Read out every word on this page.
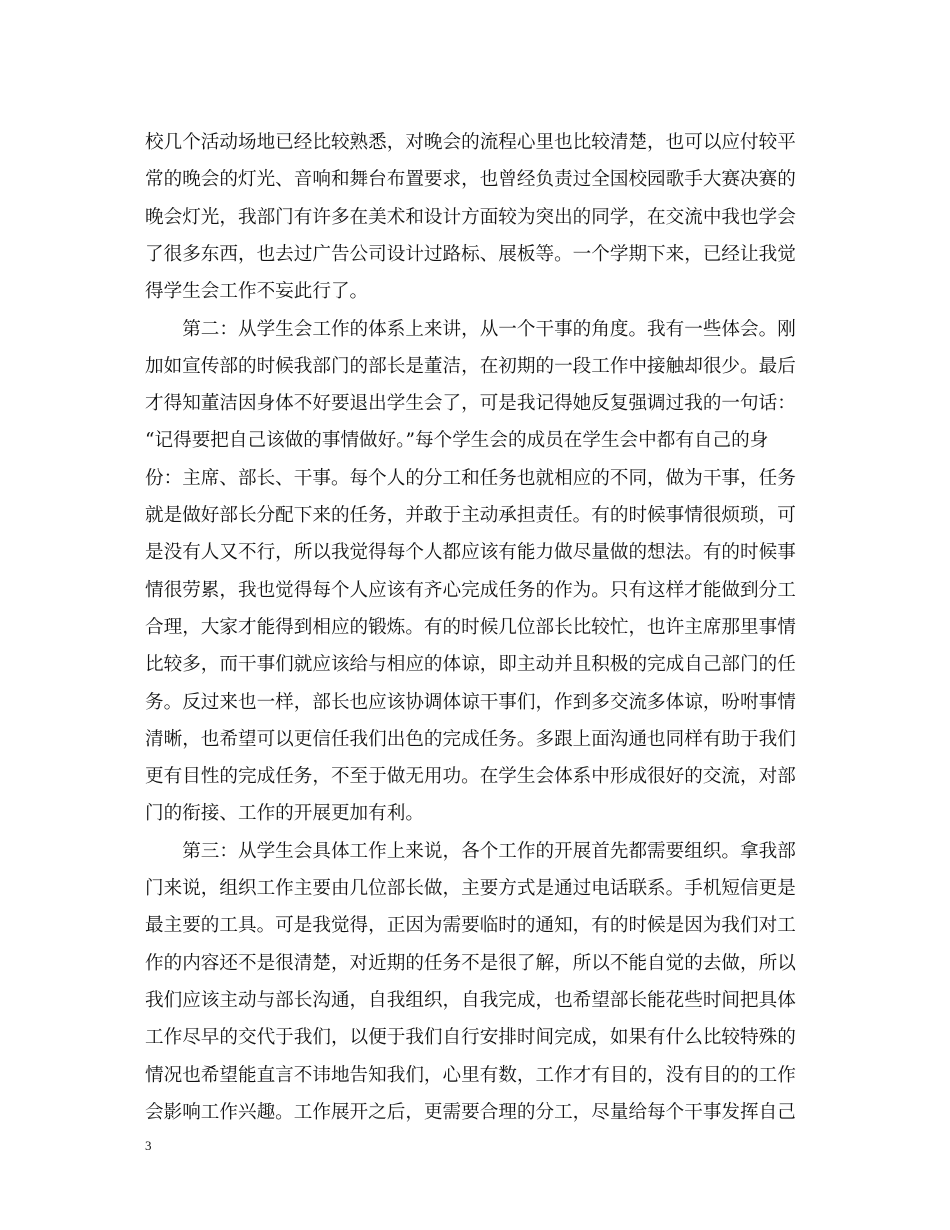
校几个活动场地已经比较熟悉，对晚会的流程心里也比较清楚，也可以应付较平
常的晚会的灯光、音响和舞台布置要求，也曾经负责过全国校园歌手大赛决赛的
晚会灯光，我部门有许多在美术和设计方面较为突出的同学，在交流中我也学会
了很多东西，也去过广告公司设计过路标、展板等。一个学期下来，已经让我觉
得学生会工作不妄此行了。
　　第二：从学生会工作的体系上来讲，从一个干事的角度。我有一些体会。刚
加如宣传部的时候我部门的部长是董洁，在初期的一段工作中接触却很少。最后
才得知董洁因身体不好要退出学生会了，可是我记得她反复强调过我的一句话：
“记得要把自己该做的事情做好。”每个学生会的成员在学生会中都有自己的身
份：主席、部长、干事。每个人的分工和任务也就相应的不同，做为干事，任务
就是做好部长分配下来的任务，并敢于主动承担责任。有的时候事情很烦琐，可
是没有人又不行，所以我觉得每个人都应该有能力做尽量做的想法。有的时候事
情很劳累，我也觉得每个人应该有齐心完成任务的作为。只有这样才能做到分工
合理，大家才能得到相应的锻炼。有的时候几位部长比较忙，也许主席那里事情
比较多，而干事们就应该给与相应的体谅，即主动并且积极的完成自己部门的任
务。反过来也一样，部长也应该协调体谅干事们，作到多交流多体谅，吩咐事情
清晰，也希望可以更信任我们出色的完成任务。多跟上面沟通也同样有助于我们
更有目性的完成任务，不至于做无用功。在学生会体系中形成很好的交流，对部
门的衔接、工作的开展更加有利。
　　第三：从学生会具体工作上来说，各个工作的开展首先都需要组织。拿我部
门来说，组织工作主要由几位部长做，主要方式是通过电话联系。手机短信更是
最主要的工具。可是我觉得，正因为需要临时的通知，有的时候是因为我们对工
作的内容还不是很清楚，对近期的任务不是很了解，所以不能自觉的去做，所以
我们应该主动与部长沟通，自我组织，自我完成，也希望部长能花些时间把具体
工作尽早的交代于我们，以便于我们自行安排时间完成，如果有什么比较特殊的
情况也希望能直言不讳地告知我们，心里有数，工作才有目的，没有目的的工作
会影响工作兴趣。工作展开之后，更需要合理的分工，尽量给每个干事发挥自己
3
